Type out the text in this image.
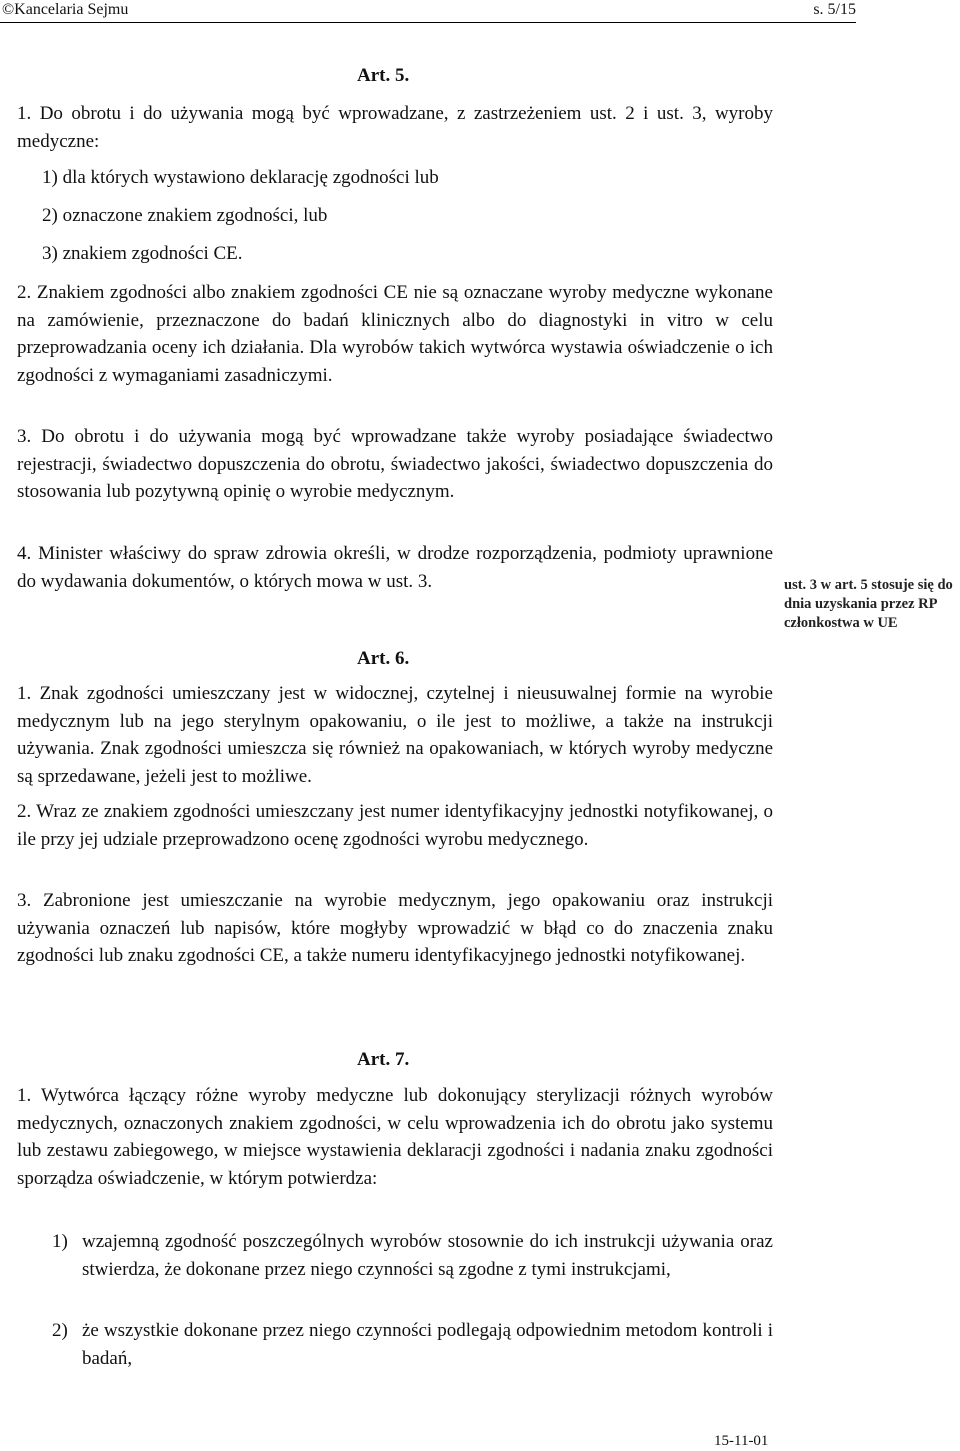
©Kancelaria Sejmu	s. 5/15
Art. 5.
1. Do obrotu i do używania mogą być wprowadzane, z zastrzeżeniem ust. 2 i ust. 3, wyroby medyczne:
1) dla których wystawiono deklarację zgodności lub
2) oznaczone znakiem zgodności, lub
3) znakiem zgodności CE.
2. Znakiem zgodności albo znakiem zgodności CE nie są oznaczane wyroby medyczne wykonane na zamówienie, przeznaczone do badań klinicznych albo do diagnostyki in vitro w celu przeprowadzania oceny ich działania. Dla wyrobów takich wytwórca wystawia oświadczenie o ich zgodności z wymaganiami zasadniczymi.
3. Do obrotu i do używania mogą być wprowadzane także wyroby posiadające świadectwo rejestracji, świadectwo dopuszczenia do obrotu, świadectwo jakości, świadectwo dopuszczenia do stosowania lub pozytywną opinię o wyrobie medycznym.
4. Minister właściwy do spraw zdrowia określi, w drodze rozporządzenia, podmioty uprawnione do wydawania dokumentów, o których mowa w ust. 3.	ust. 3 w art. 5 stosuje się do dnia uzyskania przez RP członkostwa w UE
Art. 6.
1. Znak zgodności umieszczany jest w widocznej, czytelnej i nieusuwalnej formie na wyrobie medycznym lub na jego sterylnym opakowaniu, o ile jest to możliwe, a także na instrukcji używania. Znak zgodności umieszcza się również na opakowaniach, w których wyroby medyczne są sprzedawane, jeżeli jest to możliwe.
2. Wraz ze znakiem zgodności umieszczany jest numer identyfikacyjny jednostki notyfikowanej, o ile przy jej udziale przeprowadzono ocenę zgodności wyrobu medycznego.
3. Zabronione jest umieszczanie na wyrobie medycznym, jego opakowaniu oraz instrukcji używania oznaczeń lub napisów, które mogłyby wprowadzić w błąd co do znaczenia znaku zgodności lub znaku zgodności CE, a także numeru identyfikacyjnego jednostki notyfikowanej.
Art. 7.
1. Wytwórca łączący różne wyroby medyczne lub dokonujący sterylizacji różnych wyrobów medycznych, oznaczonych znakiem zgodności, w celu wprowadzenia ich do obrotu jako systemu lub zestawu zabiegowego, w miejsce wystawienia deklaracji zgodności i nadania znaku zgodności sporządza oświadczenie, w którym potwierdza:
1) wzajemną zgodność poszczególnych wyrobów stosownie do ich instrukcji używania oraz stwierdza, że dokonane przez niego czynności są zgodne z tymi instrukcjami,
2) że wszystkie dokonane przez niego czynności podlegają odpowiednim metodom kontroli i badań,
15-11-01
